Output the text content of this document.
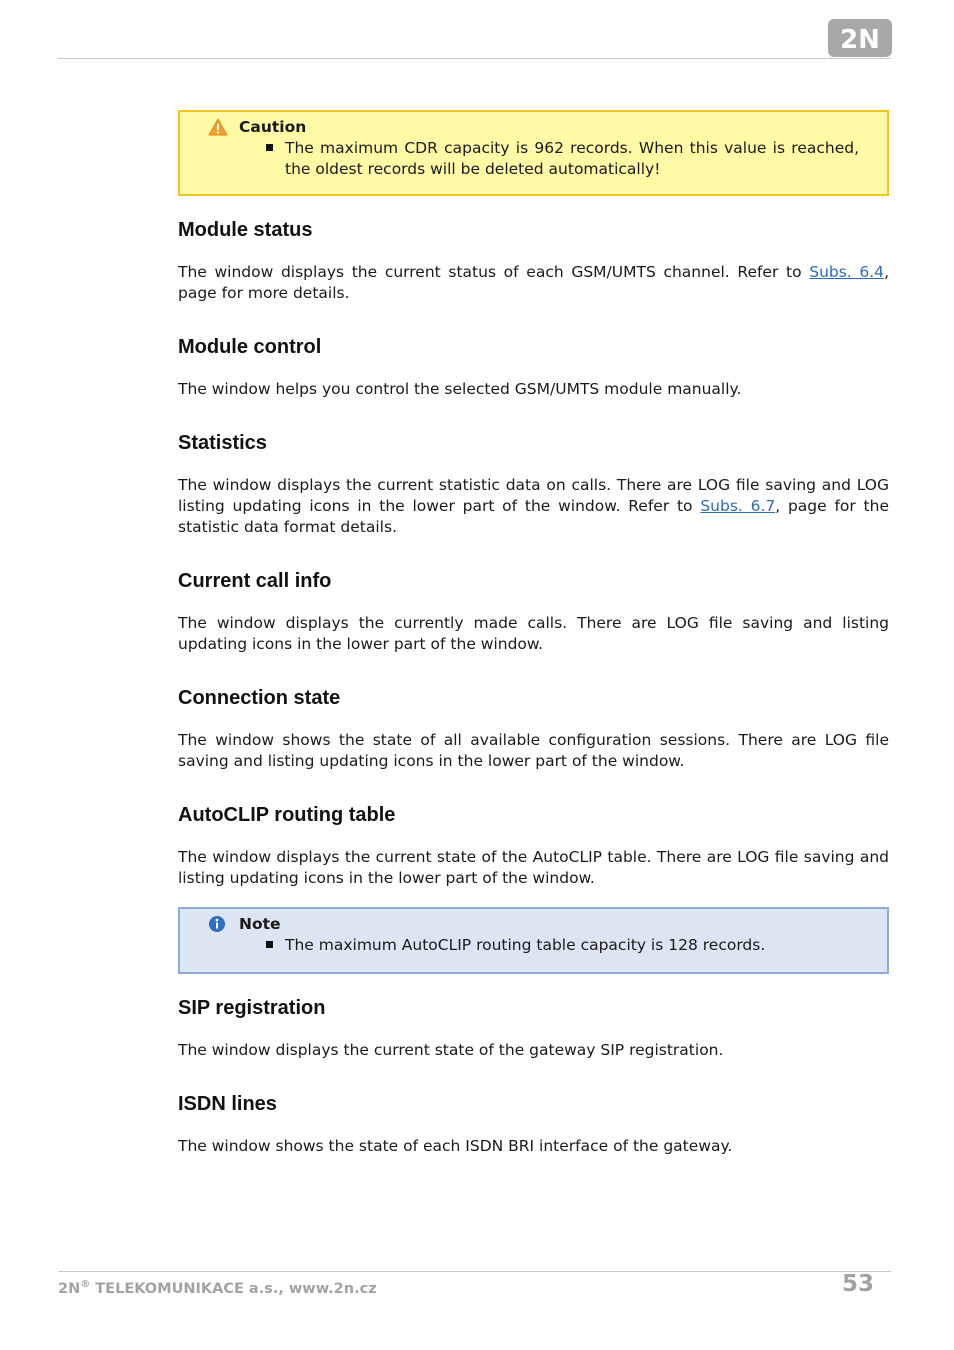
2N
Caution
The maximum CDR capacity is 962 records. When this value is reached, the oldest records will be deleted automatically!
Module status

The window displays the current status of each GSM/UMTS channel. Refer to Subs. 6.4, page for more details.

Module control

The window helps you control the selected GSM/UMTS module manually.

Statistics

The window displays the current statistic data on calls. There are LOG file saving and LOG listing updating icons in the lower part of the window. Refer to Subs. 6.7, page for the statistic data format details.

Current call info

The window displays the currently made calls. There are LOG file saving and listing updating icons in the lower part of the window.

Connection state

The window shows the state of all available configuration sessions. There are LOG file saving and listing updating icons in the lower part of the window.

AutoCLIP routing table

The window displays the current state of the AutoCLIP table. There are LOG file saving and listing updating icons in the lower part of the window.

Note
The maximum AutoCLIP routing table capacity is 128 records.
SIP registration

The window displays the current state of the gateway SIP registration.

ISDN lines

The window shows the state of each ISDN BRI interface of the gateway.

2N® TELEKOMUNIKACE a.s., www.2n.cz	53
